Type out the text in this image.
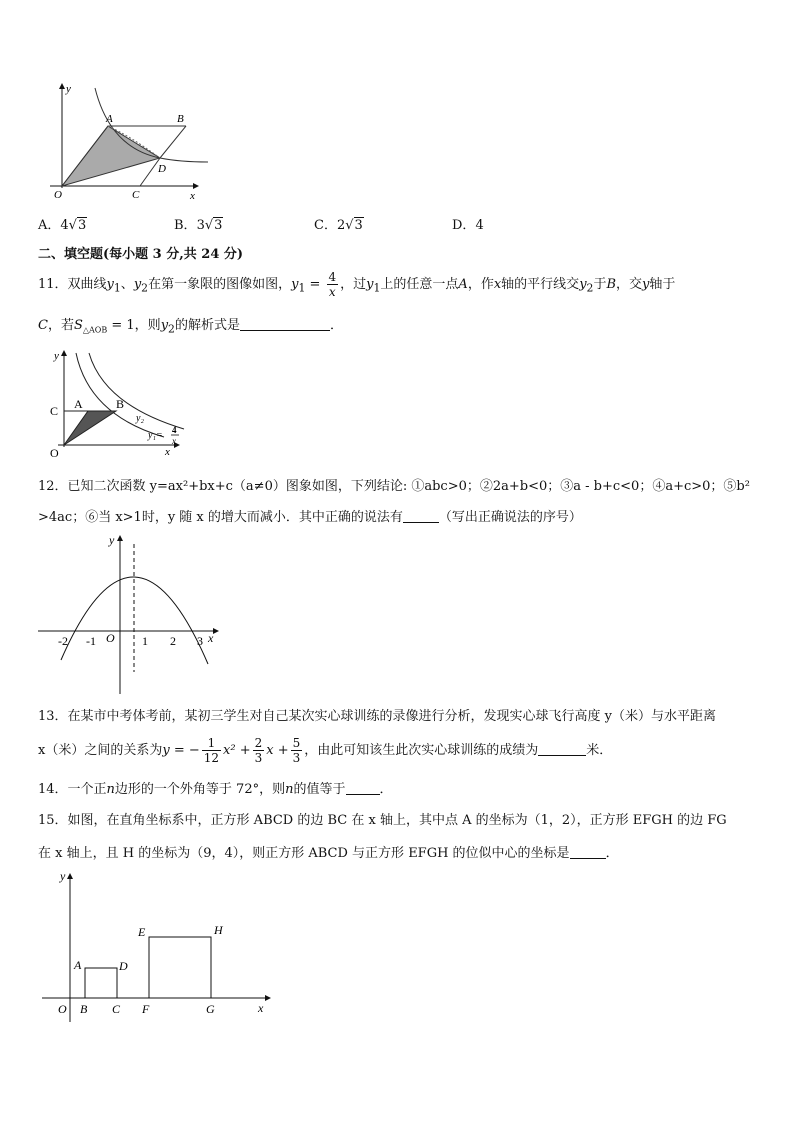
y
x
O
A	B
C
D
A．4√3	B．3√3	C．2√3	D．4
二、填空题(每小题 3 分,共 24 分)
11．双曲线$y_1$、$y_2$在第一象限的图像如图，$y_1 = \frac{4}{x}$ ，过$y_1$上的任意一点A，作x轴的平行线交$y_2$于B，交y轴于
C，若$S_{\triangle AOB} = 1$，则$y_2$的解析式是	．
y
x
C A	B
O
y₂
y₁= 4
x
12．已知二次函数 y=ax²+bx+c（a≠0）图象如图，下列结论: ①abc>0；②2a+b<0；③a - b+c<0；④a+c>0；⑤b²
>4ac；⑥当 x>1时，y 随 x 的增大而减小．其中正确的说法有	（写出正确说法的序号）
y
x
-2 -1 O 1 2 3
13．在某市中考体考前，某初三学生对自己某次实心球训练的录像进行分析，发现实心球飞行高度 y（米）与水平距离
x（米）之间的关系为y = − $\frac{1}{12} x^2 + \frac{2}{3}$ $x + \frac{5}{3}$ ，由此可知该生此次实心球训练的成绩为	米．
14．一个正n边形的一个外角等于 72°，则n的值等于	．
15．如图，在直角坐标系中，正方形 ABCD 的边 BC 在 x 轴上，其中点 A 的坐标为（1，2），正方形 EFGH 的边 FG
在 x 轴上，且 H 的坐标为（9，4），则正方形 ABCD 与正方形 EFGH 的位似中心的坐标是	．
y
x
O
A
B C
D
E
F	G
H
